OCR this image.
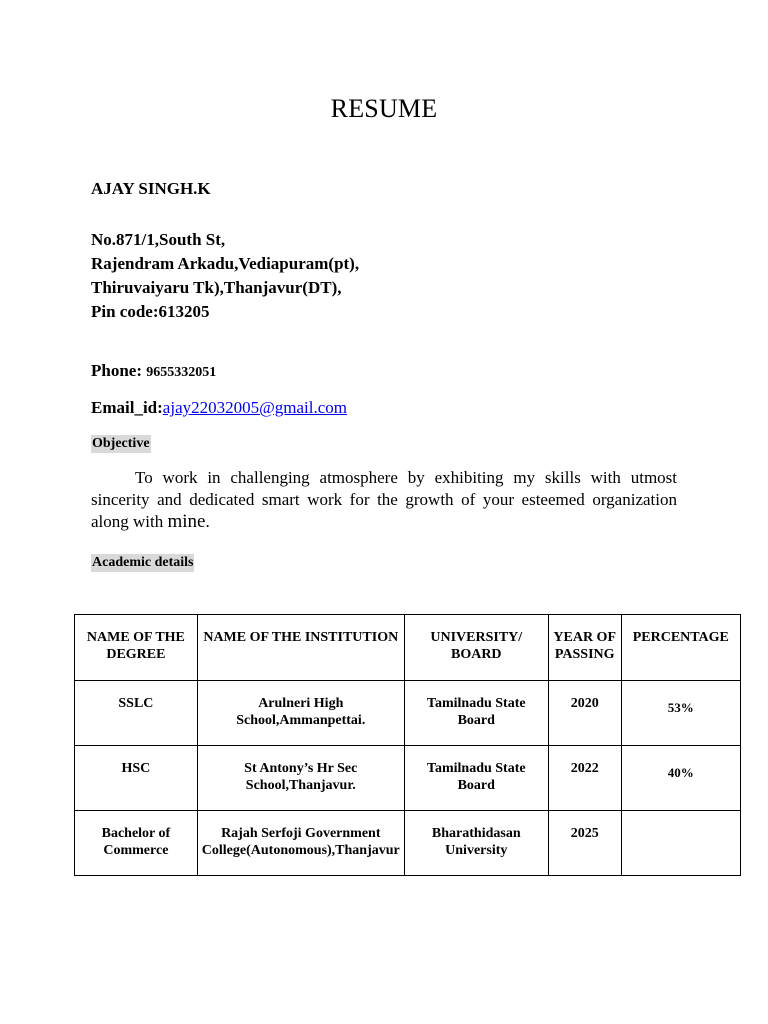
RESUME
AJAY SINGH.K
No.871/1,South St,
Rajendram Arkadu,Vediapuram(pt),
Thiruvaiyaru Tk),Thanjavur(DT),
Pin code:613205
Phone: 9655332051
Email_id:ajay22032005@gmail.com
Objective
To work in challenging atmosphere by exhibiting my skills with utmost sincerity and dedicated smart work for the growth of your esteemed organization along with mine.
Academic details
NAME OF THE DEGREE	NAME OF THE INSTITUTION	UNIVERSITY/ BOARD	YEAR OF PASSING	PERCENTAGE
SSLC	Arulneri High School,Ammanpettai.	Tamilnadu State Board	2020	53%
HSC	St Antony’s Hr Sec School,Thanjavur.	Tamilnadu State Board	2022	40%
Bachelor of Commerce	Rajah Serfoji Government College(Autonomous),Thanjavur	Bharathidasan University	2025	
